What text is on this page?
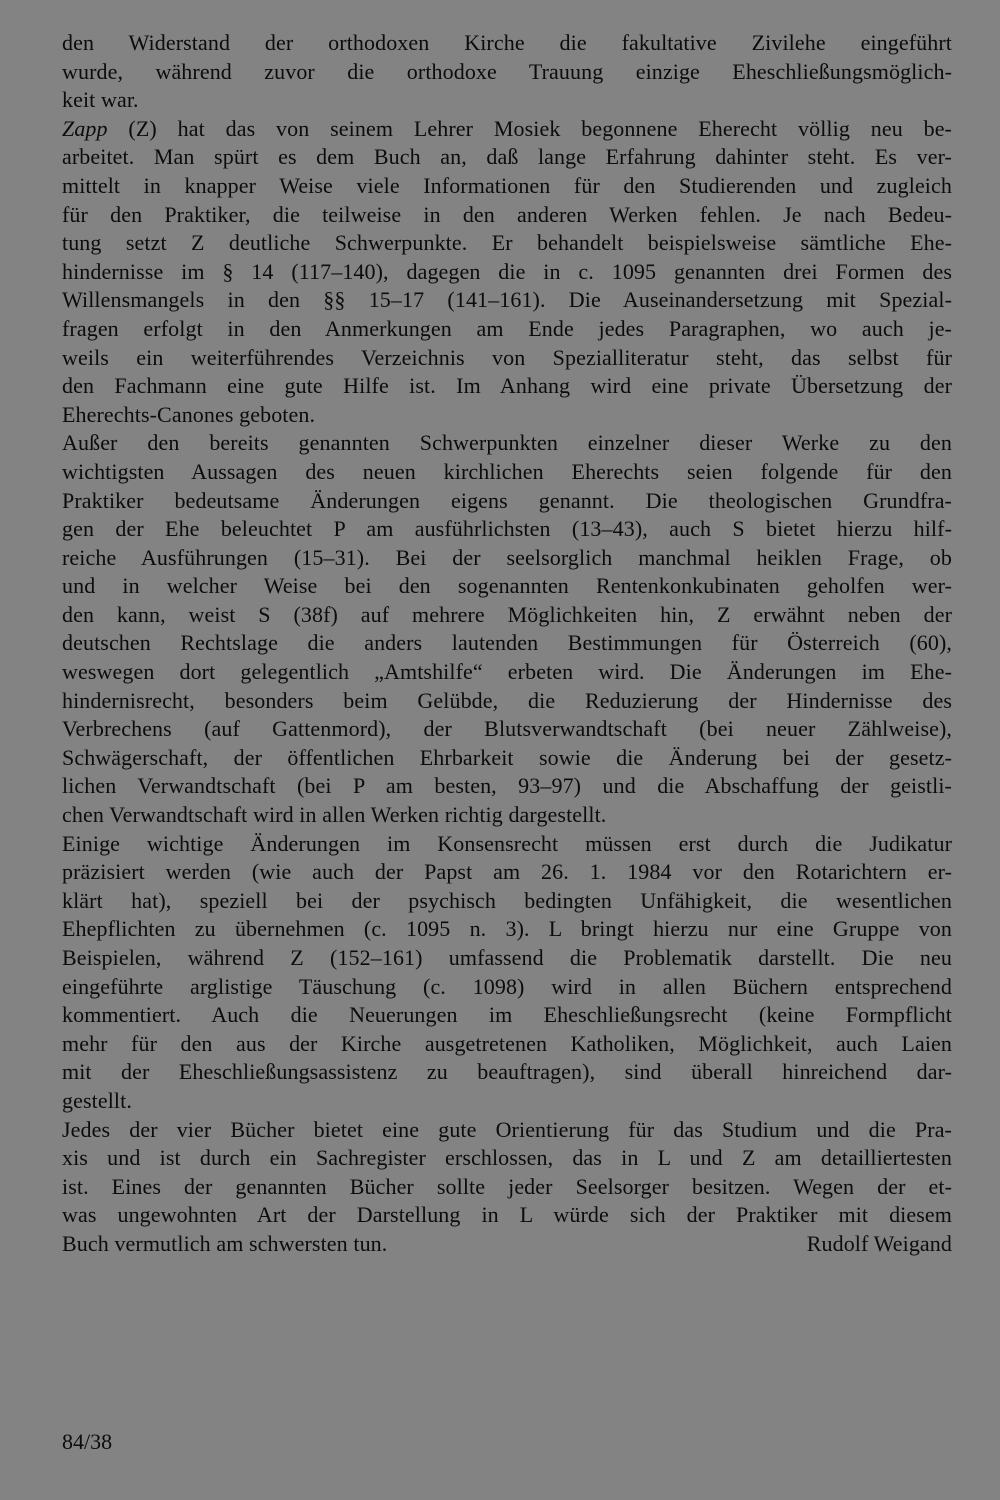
den Widerstand der orthodoxen Kirche die fakultative Zivilehe eingeführt
wurde, während zuvor die orthodoxe Trauung einzige Eheschließungsmöglich-
keit war.
Zapp (Z) hat das von seinem Lehrer Mosiek begonnene Eherecht völlig neu be-
arbeitet. Man spürt es dem Buch an, daß lange Erfahrung dahinter steht. Es ver-
mittelt in knapper Weise viele Informationen für den Studierenden und zugleich
für den Praktiker, die teilweise in den anderen Werken fehlen. Je nach Bedeu-
tung setzt Z deutliche Schwerpunkte. Er behandelt beispielsweise sämtliche Ehe-
hindernisse im § 14 (117–140), dagegen die in c. 1095 genannten drei Formen des
Willensmangels in den §§ 15–17 (141–161). Die Auseinandersetzung mit Spezial-
fragen erfolgt in den Anmerkungen am Ende jedes Paragraphen, wo auch je-
weils ein weiterführendes Verzeichnis von Spezialliteratur steht, das selbst für
den Fachmann eine gute Hilfe ist. Im Anhang wird eine private Übersetzung der
Eherechts-Canones geboten.
Außer den bereits genannten Schwerpunkten einzelner dieser Werke zu den
wichtigsten Aussagen des neuen kirchlichen Eherechts seien folgende für den
Praktiker bedeutsame Änderungen eigens genannt. Die theologischen Grundfra-
gen der Ehe beleuchtet P am ausführlichsten (13–43), auch S bietet hierzu hilf-
reiche Ausführungen (15–31). Bei der seelsorglich manchmal heiklen Frage, ob
und in welcher Weise bei den sogenannten Rentenkonkubinaten geholfen wer-
den kann, weist S (38f) auf mehrere Möglichkeiten hin, Z erwähnt neben der
deutschen Rechtslage die anders lautenden Bestimmungen für Österreich (60),
weswegen dort gelegentlich „Amtshilfe“ erbeten wird. Die Änderungen im Ehe-
hindernisrecht, besonders beim Gelübde, die Reduzierung der Hindernisse des
Verbrechens (auf Gattenmord), der Blutsverwandtschaft (bei neuer Zählweise),
Schwägerschaft, der öffentlichen Ehrbarkeit sowie die Änderung bei der gesetz-
lichen Verwandtschaft (bei P am besten, 93–97) und die Abschaffung der geistli-
chen Verwandtschaft wird in allen Werken richtig dargestellt.
Einige wichtige Änderungen im Konsensrecht müssen erst durch die Judikatur
präzisiert werden (wie auch der Papst am 26. 1. 1984 vor den Rotarichtern er-
klärt hat), speziell bei der psychisch bedingten Unfähigkeit, die wesentlichen
Ehepflichten zu übernehmen (c. 1095 n. 3). L bringt hierzu nur eine Gruppe von
Beispielen, während Z (152–161) umfassend die Problematik darstellt. Die neu
eingeführte arglistige Täuschung (c. 1098) wird in allen Büchern entsprechend
kommentiert. Auch die Neuerungen im Eheschließungsrecht (keine Formpflicht
mehr für den aus der Kirche ausgetretenen Katholiken, Möglichkeit, auch Laien
mit der Eheschließungsassistenz zu beauftragen), sind überall hinreichend dar-
gestellt.
Jedes der vier Bücher bietet eine gute Orientierung für das Studium und die Pra-
xis und ist durch ein Sachregister erschlossen, das in L und Z am detailliertesten
ist. Eines der genannten Bücher sollte jeder Seelsorger besitzen. Wegen der et-
was ungewohnten Art der Darstellung in L würde sich der Praktiker mit diesem
Buch vermutlich am schwersten tun.	Rudolf Weigand
84/38
